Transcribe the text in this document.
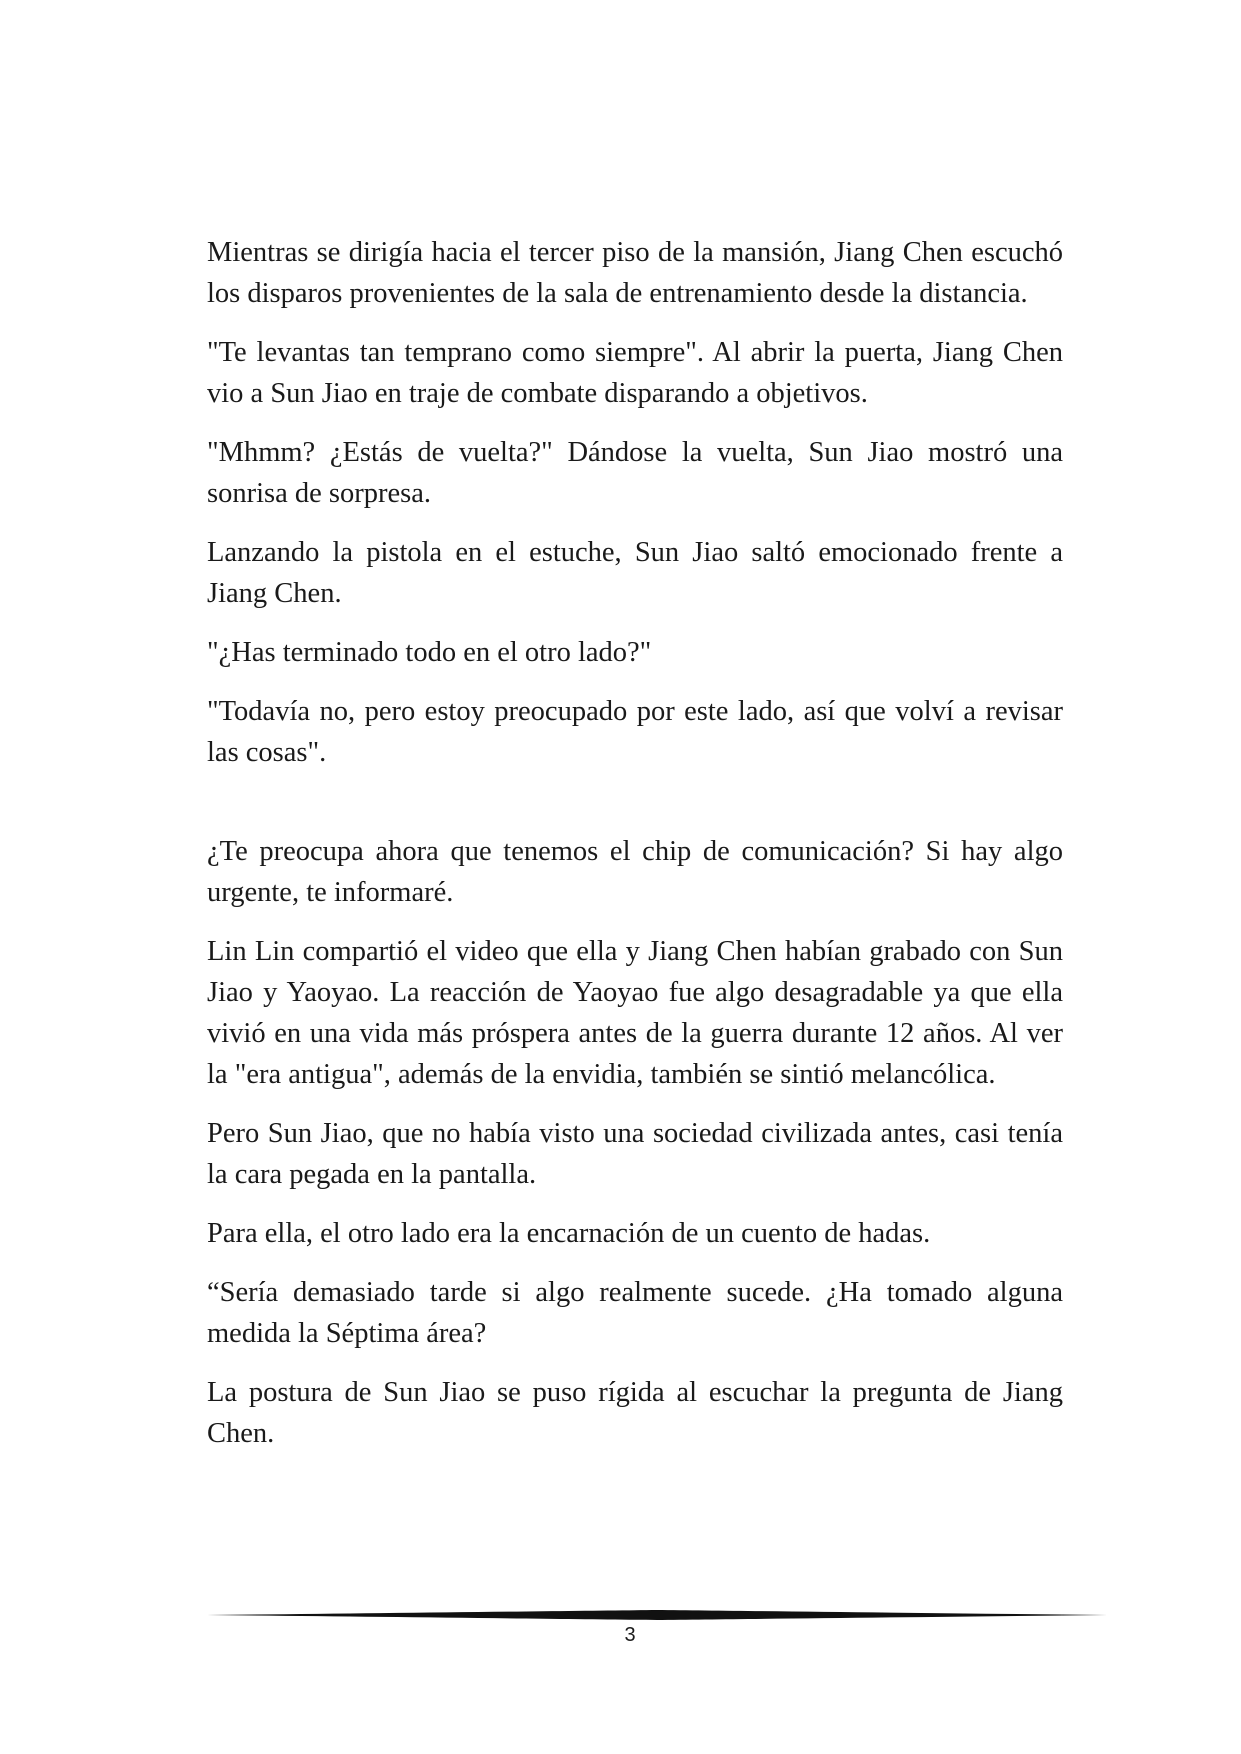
Mientras se dirigía hacia el tercer piso de la mansión, Jiang Chen escuchó los disparos provenientes de la sala de entrenamiento desde la distancia.

"Te levantas tan temprano como siempre". Al abrir la puerta, Jiang Chen vio a Sun Jiao en traje de combate disparando a objetivos.

"Mhmm? ¿Estás de vuelta?" Dándose la vuelta, Sun Jiao mostró una sonrisa de sorpresa.

Lanzando la pistola en el estuche, Sun Jiao saltó emocionado frente a Jiang Chen.

"¿Has terminado todo en el otro lado?"

"Todavía no, pero estoy preocupado por este lado, así que volví a revisar las cosas".

¿Te preocupa ahora que tenemos el chip de comunicación? Si hay algo urgente, te informaré.

Lin Lin compartió el video que ella y Jiang Chen habían grabado con Sun Jiao y Yaoyao. La reacción de Yaoyao fue algo desagradable ya que ella vivió en una vida más próspera antes de la guerra durante 12 años. Al ver la "era antigua", además de la envidia, también se sintió melancólica.

Pero Sun Jiao, que no había visto una sociedad civilizada antes, casi tenía la cara pegada en la pantalla.

Para ella, el otro lado era la encarnación de un cuento de hadas.

“Sería demasiado tarde si algo realmente sucede. ¿Ha tomado alguna medida la Séptima área?

La postura de Sun Jiao se puso rígida al escuchar la pregunta de Jiang Chen.

3
